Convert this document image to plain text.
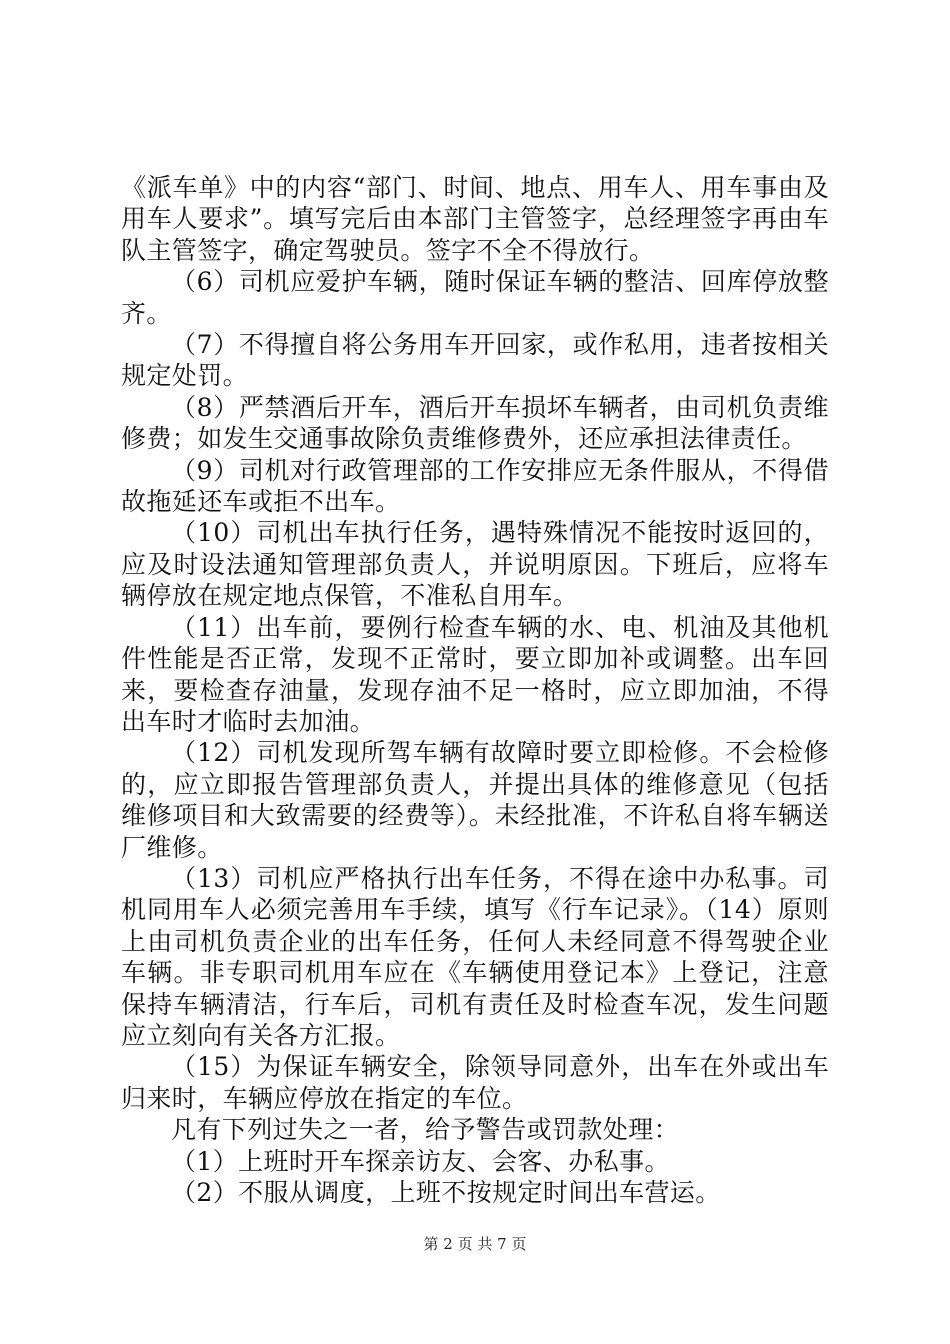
《派车单》中的内容“部门、时间、地点、用车人、用车事由及用车人要求”。填写完后由本部门主管签字，总经理签字再由车队主管签字，确定驾驶员。签字不全不得放行。

（6）司机应爱护车辆，随时保证车辆的整洁、回库停放整齐。

（7）不得擅自将公务用车开回家，或作私用，违者按相关规定处罚。

（8）严禁酒后开车，酒后开车损坏车辆者，由司机负责维修费；如发生交通事故除负责维修费外，还应承担法律责任。

（9）司机对行政管理部的工作安排应无条件服从，不得借故拖延还车或拒不出车。

（10）司机出车执行任务，遇特殊情况不能按时返回的，应及时设法通知管理部负责人，并说明原因。下班后，应将车辆停放在规定地点保管，不准私自用车。

（11）出车前，要例行检查车辆的水、电、机油及其他机件性能是否正常，发现不正常时，要立即加补或调整。出车回来，要检查存油量，发现存油不足一格时，应立即加油，不得出车时才临时去加油。

（12）司机发现所驾车辆有故障时要立即检修。不会检修的，应立即报告管理部负责人，并提出具体的维修意见（包括维修项目和大致需要的经费等）。未经批准，不许私自将车辆送厂维修。

（13）司机应严格执行出车任务，不得在途中办私事。司机同用车人必须完善用车手续，填写《行车记录》。（14）原则上由司机负责企业的出车任务，任何人未经同意不得驾驶企业车辆。非专职司机用车应在《车辆使用登记本》上登记，注意保持车辆清洁，行车后，司机有责任及时检查车况，发生问题应立刻向有关各方汇报。

（15）为保证车辆安全，除领导同意外，出车在外或出车归来时，车辆应停放在指定的车位。

凡有下列过失之一者，给予警告或罚款处理：

（1）上班时开车探亲访友、会客、办私事。

（2）不服从调度，上班不按规定时间出车营运。

第 2 页 共 7 页
